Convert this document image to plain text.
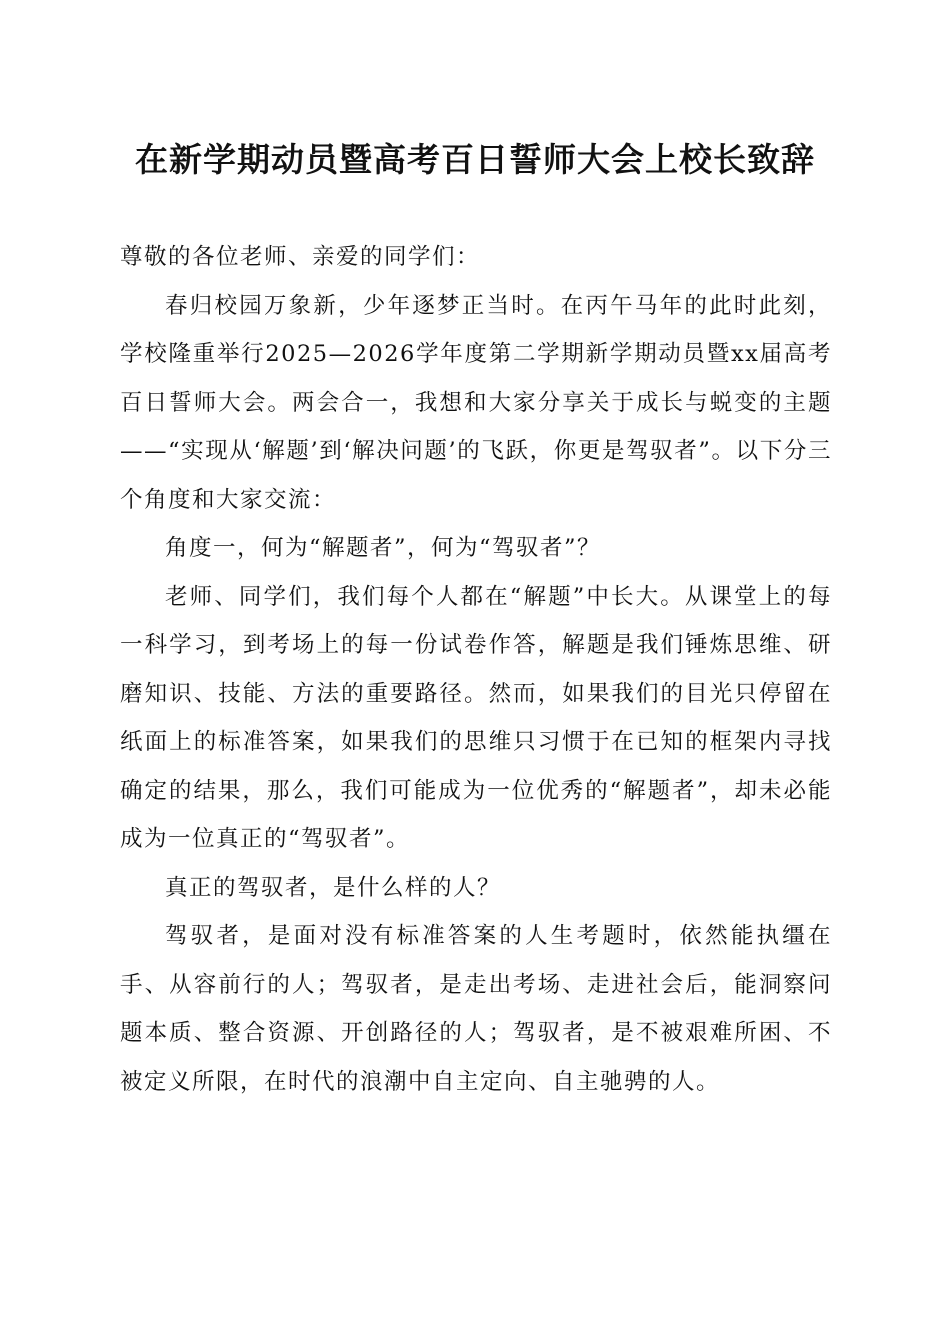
在新学期动员暨高考百日誓师大会上校长致辞

尊敬的各位老师、亲爱的同学们：

春归校园万象新，少年逐梦正当时。在丙午马年的此时此刻，学校隆重举行2025—2026学年度第二学期新学期动员暨xx届高考百日誓师大会。两会合一，我想和大家分享关于成长与蜕变的主题——“实现从‘解题’到‘解决问题’的飞跃，你更是驾驭者”。以下分三个角度和大家交流：

角度一，何为“解题者”，何为“驾驭者”？

老师、同学们，我们每个人都在“解题”中长大。从课堂上的每一科学习，到考场上的每一份试卷作答，解题是我们锤炼思维、研磨知识、技能、方法的重要路径。然而，如果我们的目光只停留在纸面上的标准答案，如果我们的思维只习惯于在已知的框架内寻找确定的结果，那么，我们可能成为一位优秀的“解题者”，却未必能成为一位真正的“驾驭者”。

真正的驾驭者，是什么样的人？

驾驭者，是面对没有标准答案的人生考题时，依然能执缰在手、从容前行的人；驾驭者，是走出考场、走进社会后，能洞察问题本质、整合资源、开创路径的人；驾驭者，是不被艰难所困、不被定义所限，在时代的浪潮中自主定向、自主驰骋的人。
